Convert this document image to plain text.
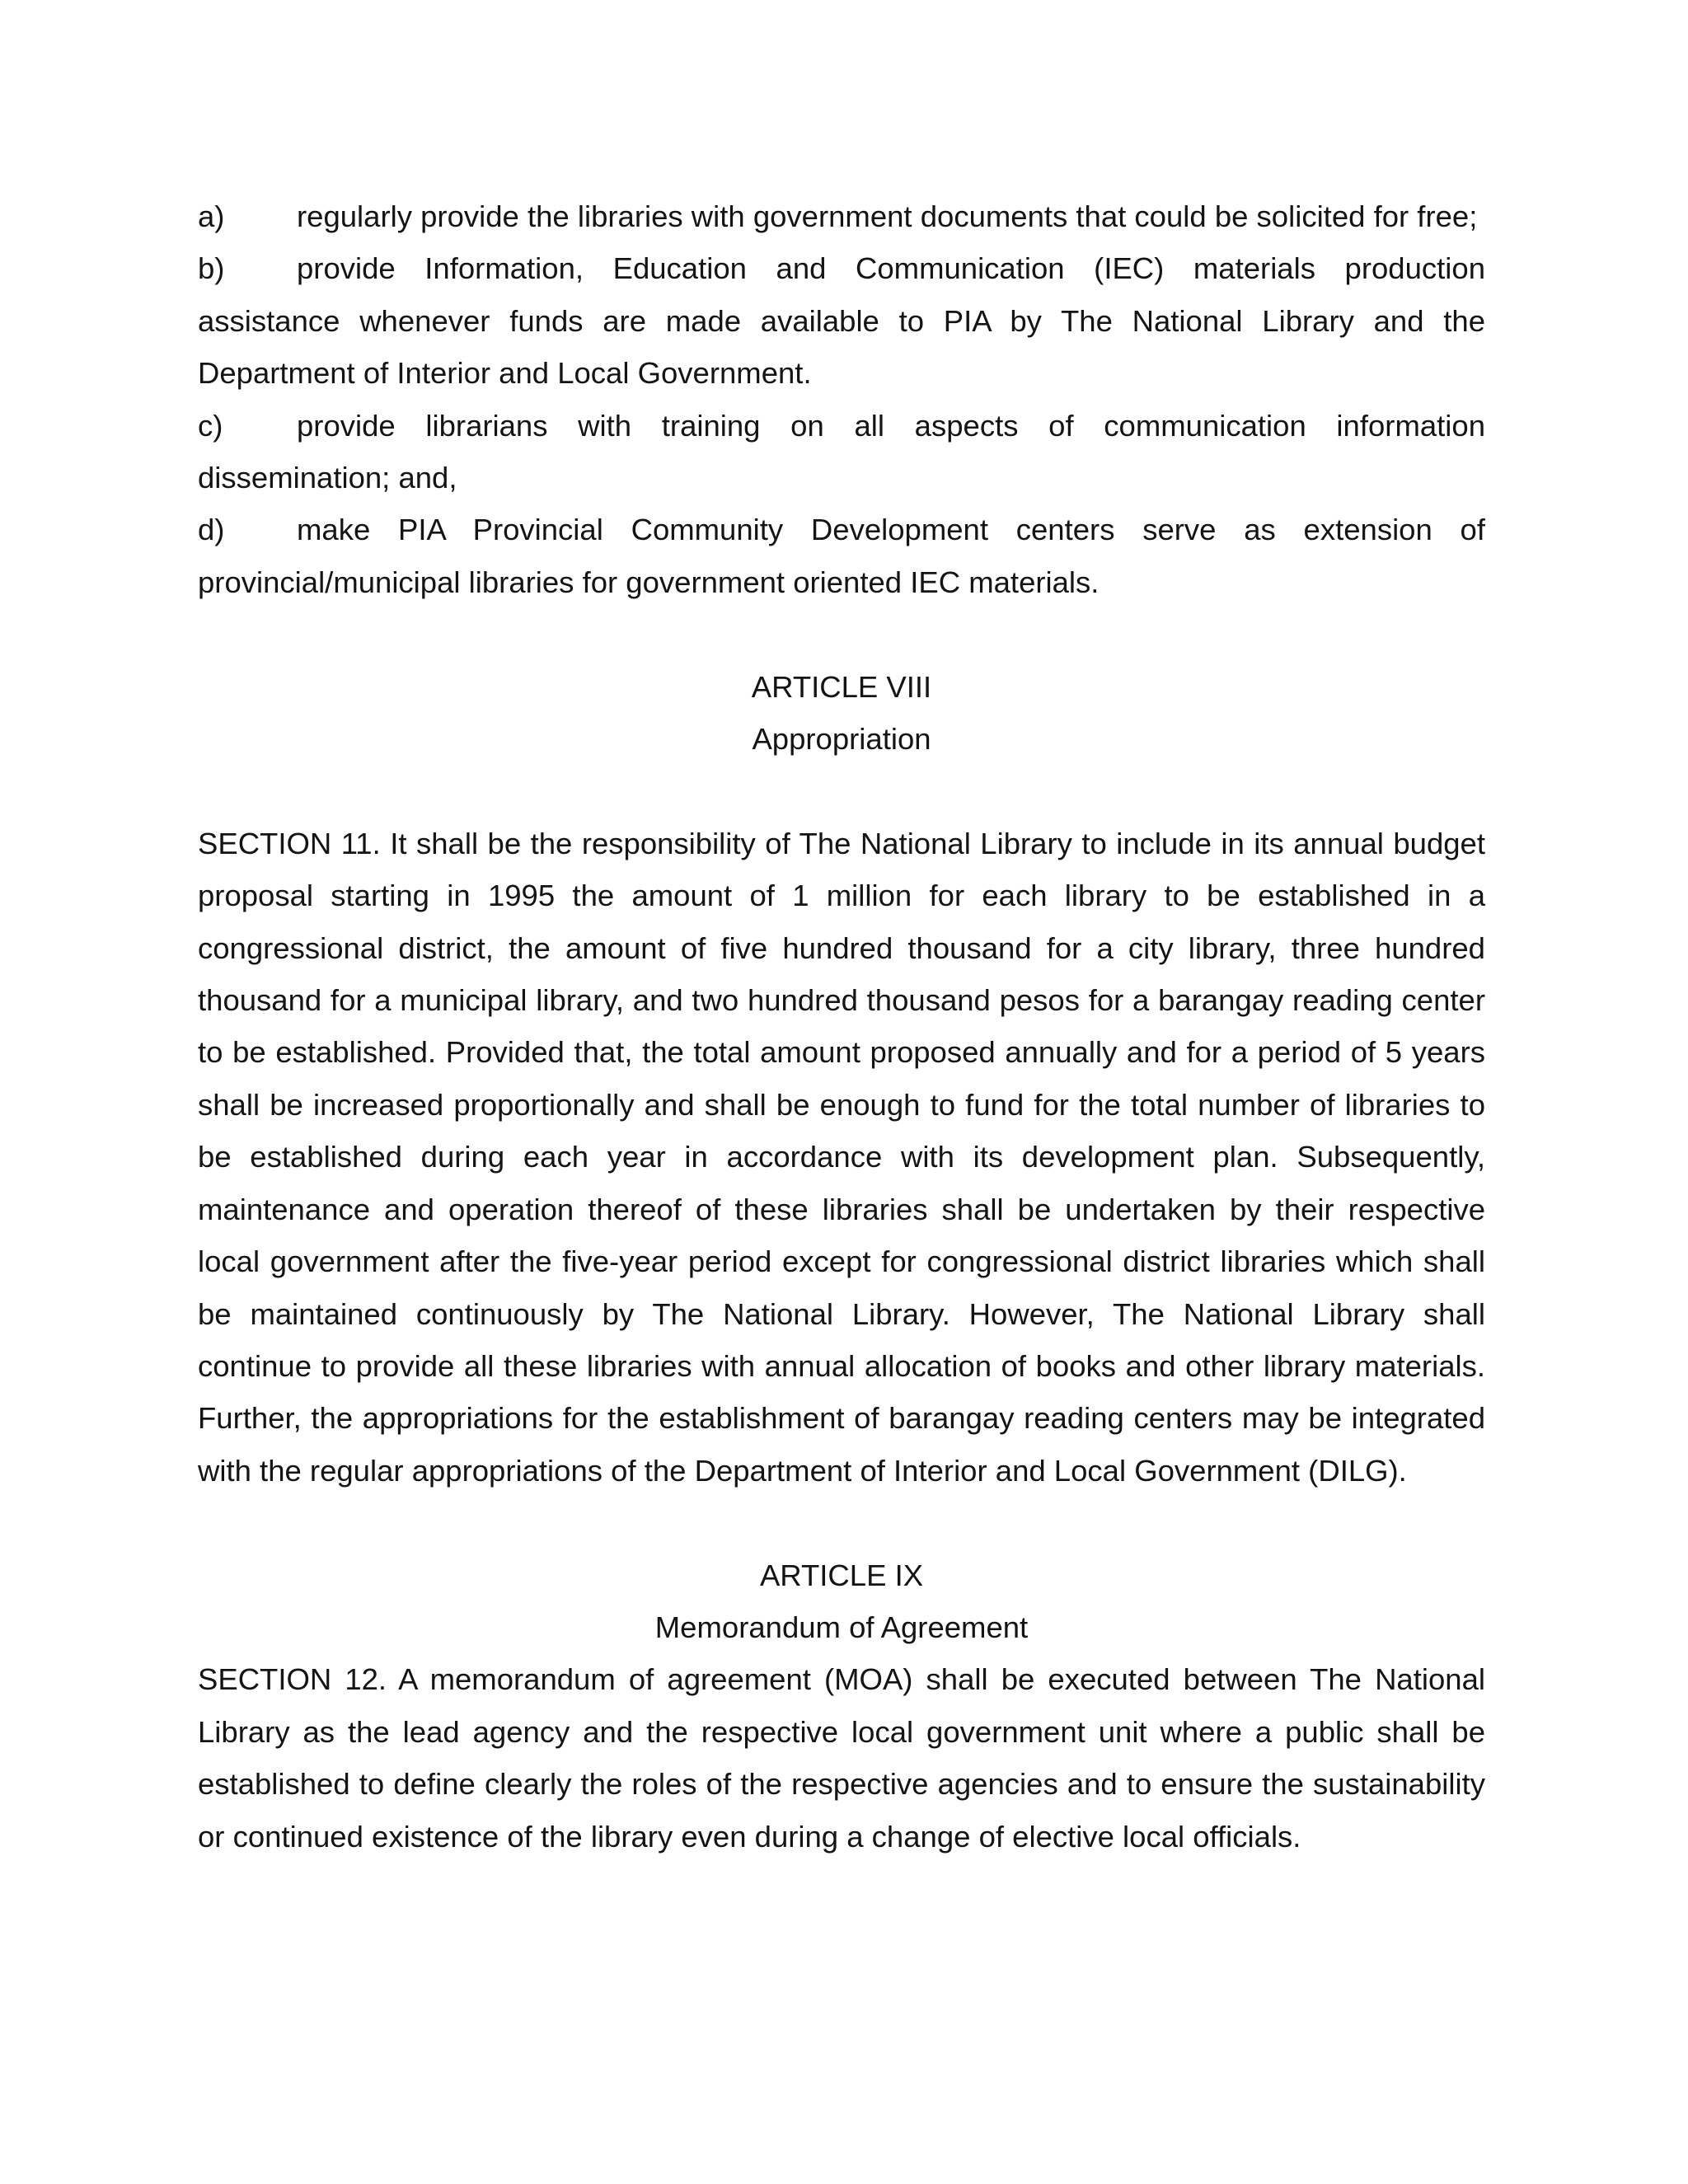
a) regularly provide the libraries with government documents that could be solicited for free;

b) provide Information, Education and Communication (IEC) materials production assistance whenever funds are made available to PIA by The National Library and the Department of Interior and Local Government.

c) provide librarians with training on all aspects of communication information dissemination; and,

d) make PIA Provincial Community Development centers serve as extension of provincial/municipal libraries for government oriented IEC materials.

ARTICLE VIII

Appropriation

SECTION 11. It shall be the responsibility of The National Library to include in its annual budget proposal starting in 1995 the amount of 1 million for each library to be established in a congressional district, the amount of five hundred thousand for a city library, three hundred thousand for a municipal library, and two hundred thousand pesos for a barangay reading center to be established. Provided that, the total amount proposed annually and for a period of 5 years shall be increased proportionally and shall be enough to fund for the total number of libraries to be established during each year in accordance with its development plan. Subsequently, maintenance and operation thereof of these libraries shall be undertaken by their respective local government after the five-year period except for congressional district libraries which shall be maintained continuously by The National Library. However, The National Library shall continue to provide all these libraries with annual allocation of books and other library materials. Further, the appropriations for the establishment of barangay reading centers may be integrated with the regular appropriations of the Department of Interior and Local Government (DILG).

ARTICLE IX

Memorandum of Agreement

SECTION 12. A memorandum of agreement (MOA) shall be executed between The National Library as the lead agency and the respective local government unit where a public shall be established to define clearly the roles of the respective agencies and to ensure the sustainability or continued existence of the library even during a change of elective local officials.
